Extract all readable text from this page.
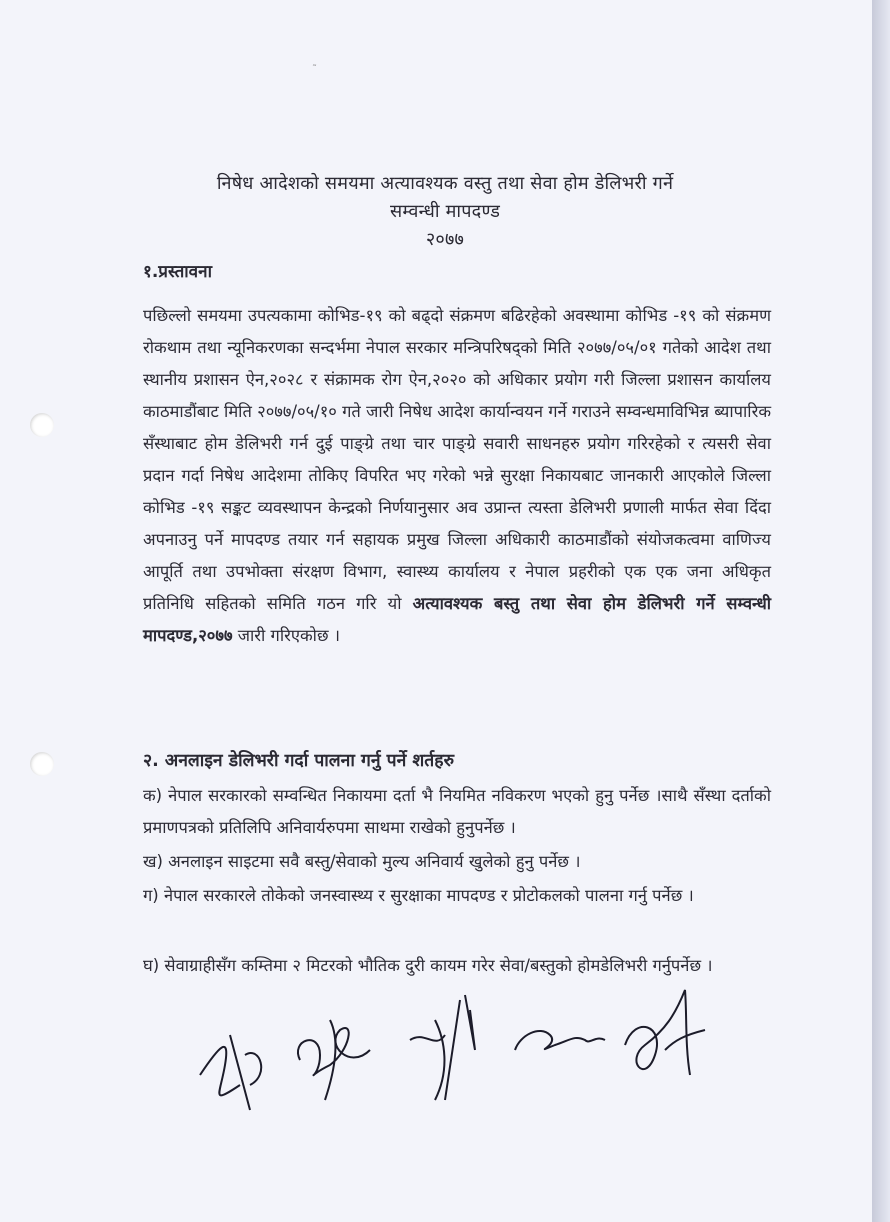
˜
निषेध आदेशको समयमा अत्यावश्यक वस्तु तथा सेवा होम डेलिभरी गर्ने
सम्वन्धी मापदण्ड
२०७७
१.प्रस्तावना
पछिल्लो समयमा उपत्यकामा कोभिड-१९ को बढ्दो संक्रमण बढिरहेको अवस्थामा कोभिड -१९ को संक्रमण रोकथाम तथा न्यूनिकरणका सन्दर्भमा नेपाल सरकार मन्त्रिपरिषद्को मिति २०७७/०५/०१ गतेको आदेश तथा स्थानीय प्रशासन ऐन,२०२८ र संक्रामक रोग ऐन,२०२० को अधिकार प्रयोग गरी जिल्ला प्रशासन कार्यालय काठमाडौंबाट मिति २०७७/०५/१० गते जारी निषेध आदेश कार्यान्वयन गर्ने गराउने सम्वन्धमाविभिन्न ब्यापारिक सँस्थाबाट होम डेलिभरी गर्न दुई पाङ्ग्रे तथा चार पाङ्ग्रे सवारी साधनहरु प्रयोग गरिरहेको र त्यसरी सेवा प्रदान गर्दा निषेध आदेशमा तोकिए विपरित भए गरेको भन्ने सुरक्षा निकायबाट जानकारी आएकोले जिल्ला कोभिड -१९ सङ्कट व्यवस्थापन केन्द्रको निर्णयानुसार अव उप्रान्त त्यस्ता डेलिभरी प्रणाली मार्फत सेवा दिंदा अपनाउनु पर्ने मापदण्ड तयार गर्न सहायक प्रमुख जिल्ला अधिकारी काठमाडौंको संयोजकत्वमा वाणिज्य आपूर्ति तथा उपभोक्ता संरक्षण विभाग, स्वास्थ्य कार्यालय र नेपाल प्रहरीको एक एक जना अधिकृत प्रतिनिधि सहितको समिति गठन गरि यो अत्यावश्यक बस्तु तथा सेवा होम डेलिभरी गर्ने सम्वन्धी मापदण्ड,२०७७ जारी गरिएकोछ ।
२. अनलाइन डेलिभरी गर्दा पालना गर्नु पर्ने शर्तहरु
क) नेपाल सरकारको सम्वन्धित निकायमा दर्ता भै नियमित नविकरण भएको हुनु पर्नेछ ।साथै सँस्था दर्ताको प्रमाणपत्रको प्रतिलिपि अनिवार्यरुपमा साथमा राखेको हुनुपर्नेछ ।
ख) अनलाइन साइटमा सवै बस्तु/सेवाको मुल्य अनिवार्य खुलेको हुनु पर्नेछ ।
ग) नेपाल सरकारले तोकेको जनस्वास्थ्य र सुरक्षाका मापदण्ड र प्रोटोकलको पालना गर्नु पर्नेछ ।
घ) सेवाग्राहीसँग कम्तिमा २ मिटरको भौतिक दुरी कायम गरेर सेवा/बस्तुको होमडेलिभरी गर्नुपर्नेछ ।
